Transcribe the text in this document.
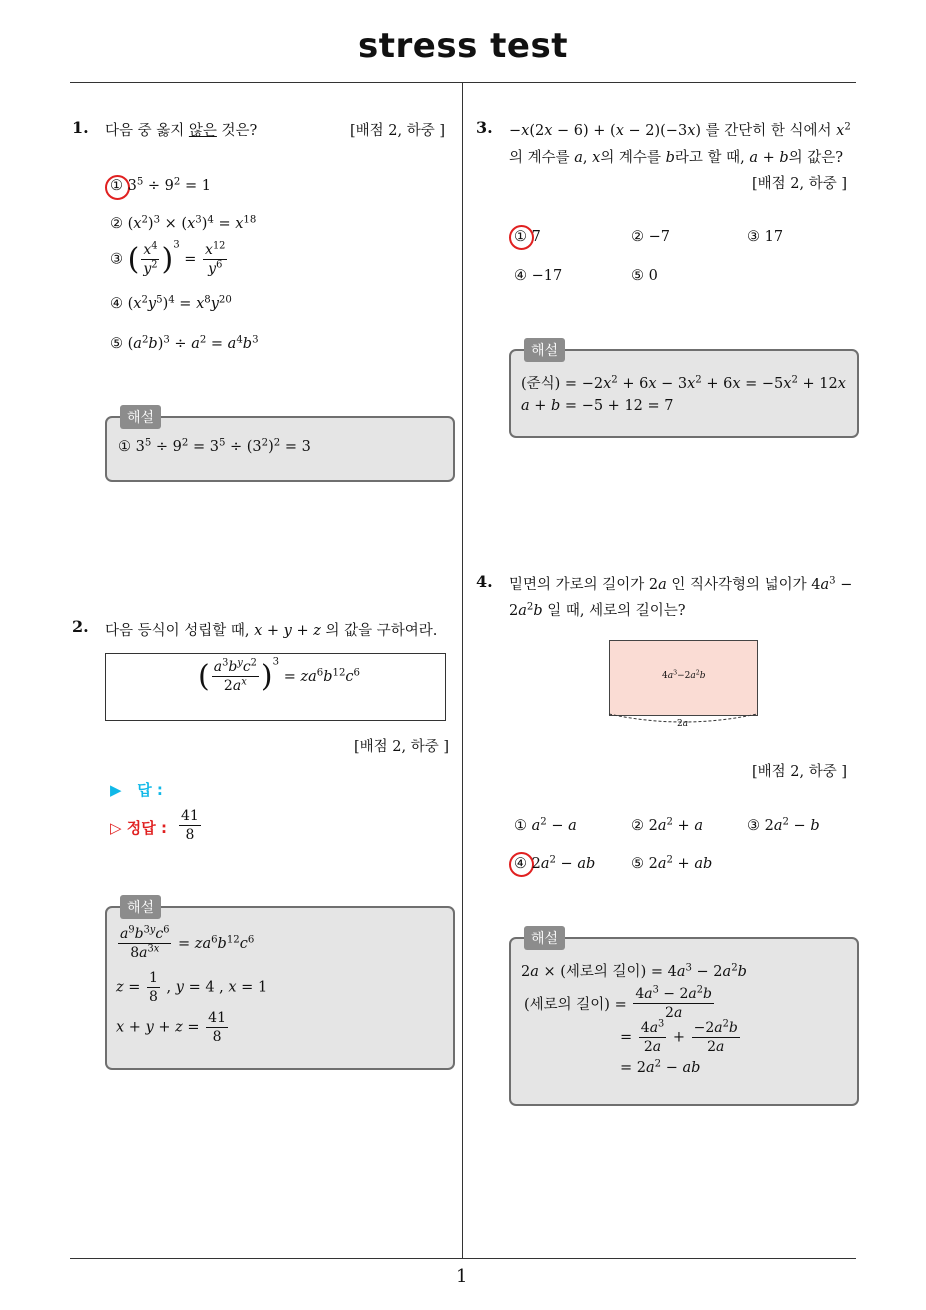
stress test
1
1. 다음 중 옳지 않은 것은?	[배점 2, 하중 ]
① $3^5 \div 9^2 = 1$
② $(x^2)^3 \times (x^3)^4 = x^{18}$
③ ( $\frac{x^4}{y^2} )^3 = \frac{x^{12}}{y^6}$
④ $(x^2y^5)^4 = x^8y^{20}$
⑤ $(a^2b)^3 \div a^2 = a^4b^3$
해설
① $3^5 \div 9^2 = 3^5 \div (3^2)^2 = 3$
2. 다음 등식이 성립할 때, x + y + z 의 값을 구하여라.
( $\frac{a^3b^yc^2}{2a^x} )^3 = za^6b^{12}c^6$
[배점 2, 하중 ]
▶ 답 :
▷ 정답 : $\frac{41}{8}$
해설
$\frac{a^9b^{3y}c^6}{8a^{3x}} = za^6b^{12}c^6$
$z = \frac{1}{8}$ , y = 4 , x = 1
$x + y + z = \frac{41}{8}$
3. −x(2x − 6) + (x − 2)(−3x) 를 간단히 한 식에서 $x^2$
의 계수를 a, x의 계수를 b라고 할 때, a + b의 값은?
[배점 2, 하중 ]
① 7	② −7	③ 17
④ −17	⑤ 0
해설
(준식) = $-2x^2 + 6x - 3x^2 + 6x = -5x^2 + 12x$
a + b = −5 + 12 = 7
4. 밑면의 가로의 길이가 2a 인 직사각형의 넓이가 $4a^3$ −
$2a^2b$ 일 때, 세로의 길이는?
$4a^3-2a^2b$
2a
[배점 2, 하중 ]
① $a^2 - a$	② $2a^2 + a$	③ $2a^2 - b$
④ $2a^2$ − ab ⑤ $2a^2$ + ab
해설
2a × (세로의 길이) = $4a^3 - 2a^2b$
(세로의 길이) = $\frac{4a^3 - 2a^2b}{2a}$
= $\frac{4a^3}{2a} + \frac{-2a^2b}{2a}$
= $2a^2$ − ab
